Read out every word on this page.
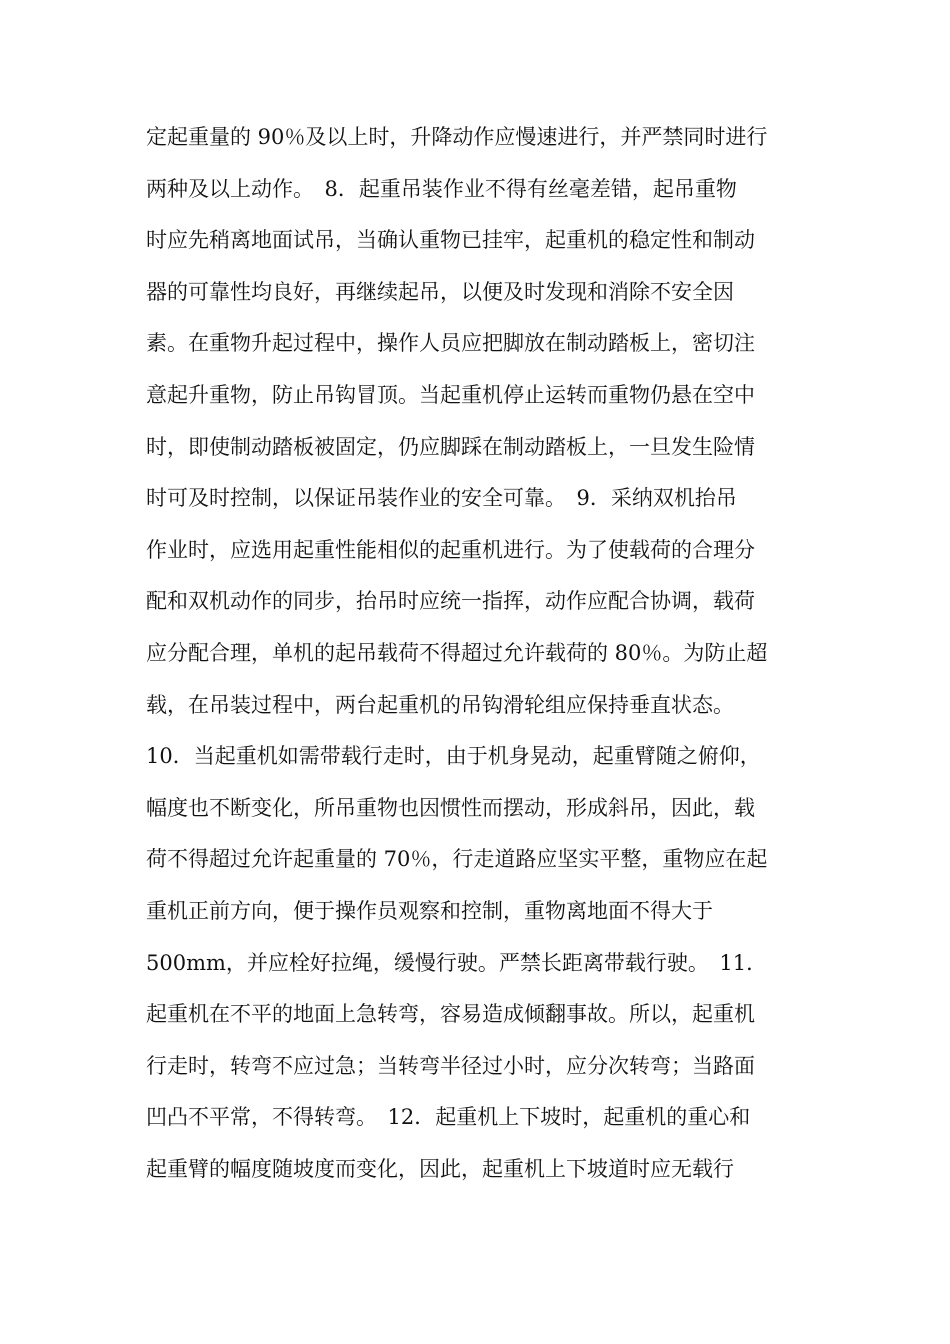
定起重量的 90％及以上时，升降动作应慢速进行，并严禁同时进行
两种及以上动作。　8．起重吊装作业不得有丝毫差错，起吊重物
时应先稍离地面试吊，当确认重物已挂牢，起重机的稳定性和制动
器的可靠性均良好，再继续起吊，以便及时发现和消除不安全因
素。在重物升起过程中，操作人员应把脚放在制动踏板上，密切注
意起升重物，防止吊钩冒顶。当起重机停止运转而重物仍悬在空中
时，即使制动踏板被固定，仍应脚踩在制动踏板上，一旦发生险情
时可及时控制，以保证吊装作业的安全可靠。　9．采纳双机抬吊
作业时，应选用起重性能相似的起重机进行。为了使载荷的合理分
配和双机动作的同步，抬吊时应统一指挥，动作应配合协调，载荷
应分配合理，单机的起吊载荷不得超过允许载荷的 80％。为防止超
载，在吊装过程中，两台起重机的吊钩滑轮组应保持垂直状态。
10．当起重机如需带载行走时，由于机身晃动，起重臂随之俯仰，
幅度也不断变化，所吊重物也因惯性而摆动，形成斜吊，因此，载
荷不得超过允许起重量的 70％，行走道路应坚实平整，重物应在起
重机正前方向，便于操作员观察和控制，重物离地面不得大于
500mm，并应栓好拉绳，缓慢行驶。严禁长距离带载行驶。　11．
起重机在不平的地面上急转弯，容易造成倾翻事故。所以，起重机
行走时，转弯不应过急；当转弯半径过小时，应分次转弯；当路面
凹凸不平常，不得转弯。　12．起重机上下坡时，起重机的重心和
起重臂的幅度随坡度而变化，因此，起重机上下坡道时应无载行
